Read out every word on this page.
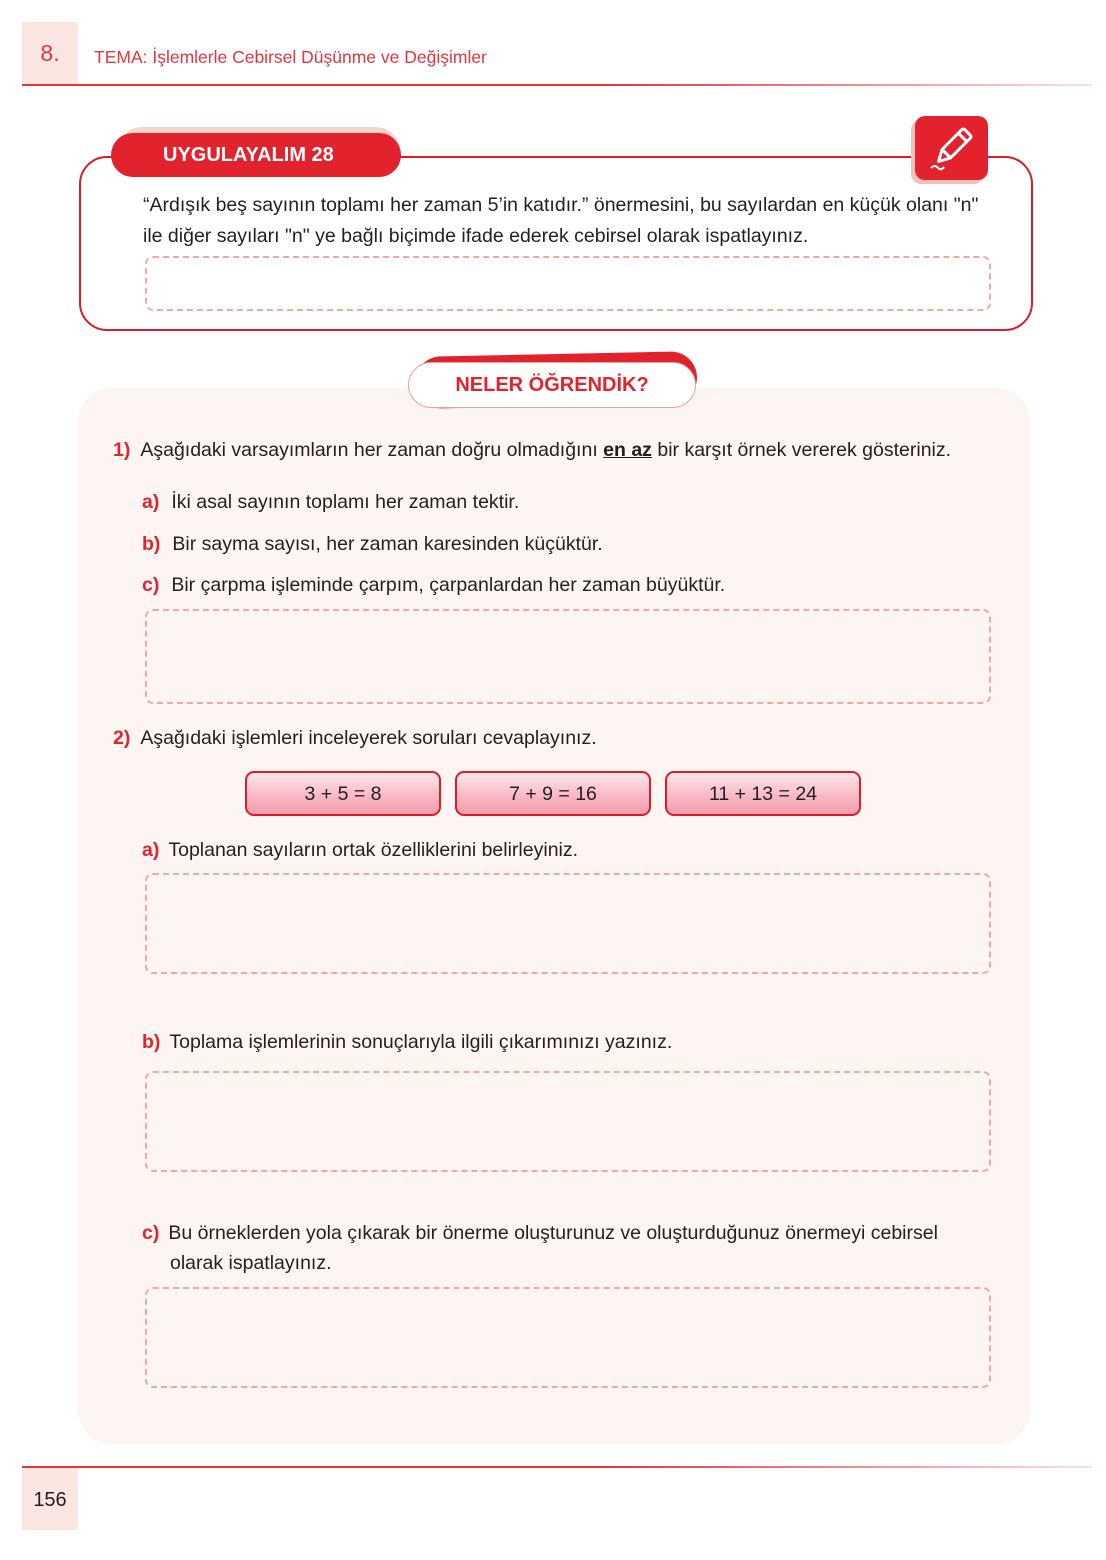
8.	TEMA: İşlemlerle Cebirsel Düşünme ve Değişimler
UYGULAYALIM 28
“Ardışık beş sayının toplamı her zaman 5’in katıdır.” önermesini, bu sayılardan en küçük olanı "n" ile diğer sayıları "n" ye bağlı biçimde ifade ederek cebirsel olarak ispatlayınız.
NELER ÖĞRENDİK?
1) Aşağıdaki varsayımların her zaman doğru olmadığını en az bir karşıt örnek vererek gösteriniz.
a) İki asal sayının toplamı her zaman tektir.
b) Bir sayma sayısı, her zaman karesinden küçüktür.
c) Bir çarpma işleminde çarpım, çarpanlardan her zaman büyüktür.
2) Aşağıdaki işlemleri inceleyerek soruları cevaplayınız.
3 + 5 = 8	7 + 9 = 16	11 + 13 = 24
a) Toplanan sayıların ortak özelliklerini belirleyiniz.
b) Toplama işlemlerinin sonuçlarıyla ilgili çıkarımınızı yazınız.
c) Bu örneklerden yola çıkarak bir önerme oluşturunuz ve oluşturduğunuz önermeyi cebirsel
olarak ispatlayınız.
156
